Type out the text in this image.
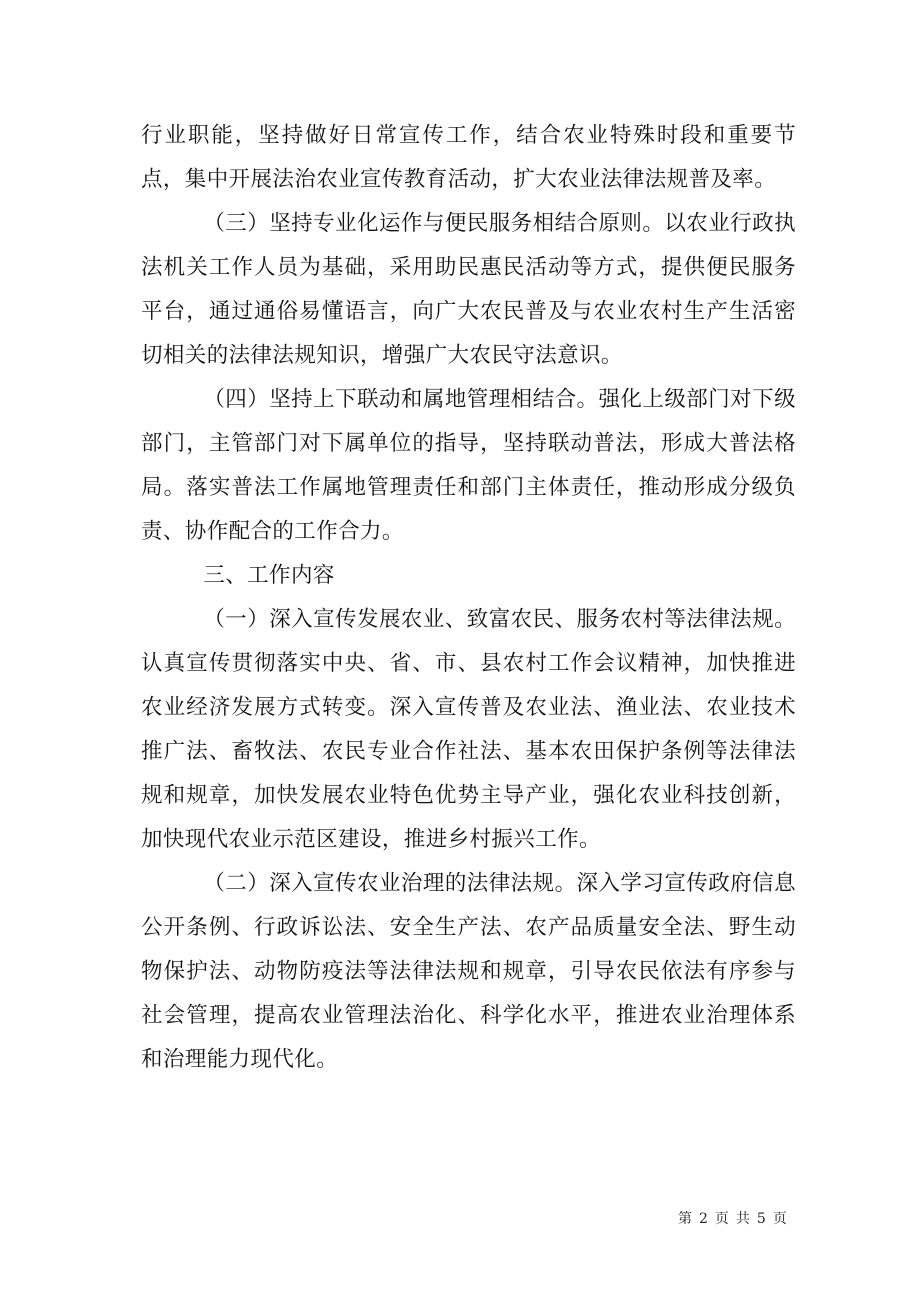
行业职能，坚持做好日常宣传工作，结合农业特殊时段和重要节点，集中开展法治农业宣传教育活动，扩大农业法律法规普及率。

（三）坚持专业化运作与便民服务相结合原则。以农业行政执法机关工作人员为基础，采用助民惠民活动等方式，提供便民服务平台，通过通俗易懂语言，向广大农民普及与农业农村生产生活密切相关的法律法规知识，增强广大农民守法意识。

（四）坚持上下联动和属地管理相结合。强化上级部门对下级部门，主管部门对下属单位的指导，坚持联动普法，形成大普法格局。落实普法工作属地管理责任和部门主体责任，推动形成分级负责、协作配合的工作合力。

三、工作内容

（一）深入宣传发展农业、致富农民、服务农村等法律法规。认真宣传贯彻落实中央、省、市、县农村工作会议精神，加快推进农业经济发展方式转变。深入宣传普及农业法、渔业法、农业技术推广法、畜牧法、农民专业合作社法、基本农田保护条例等法律法规和规章，加快发展农业特色优势主导产业，强化农业科技创新，加快现代农业示范区建设，推进乡村振兴工作。

（二）深入宣传农业治理的法律法规。深入学习宣传政府信息公开条例、行政诉讼法、安全生产法、农产品质量安全法、野生动物保护法、动物防疫法等法律法规和规章，引导农民依法有序参与社会管理，提高农业管理法治化、科学化水平，推进农业治理体系和治理能力现代化。

第 2 页 共 5 页
